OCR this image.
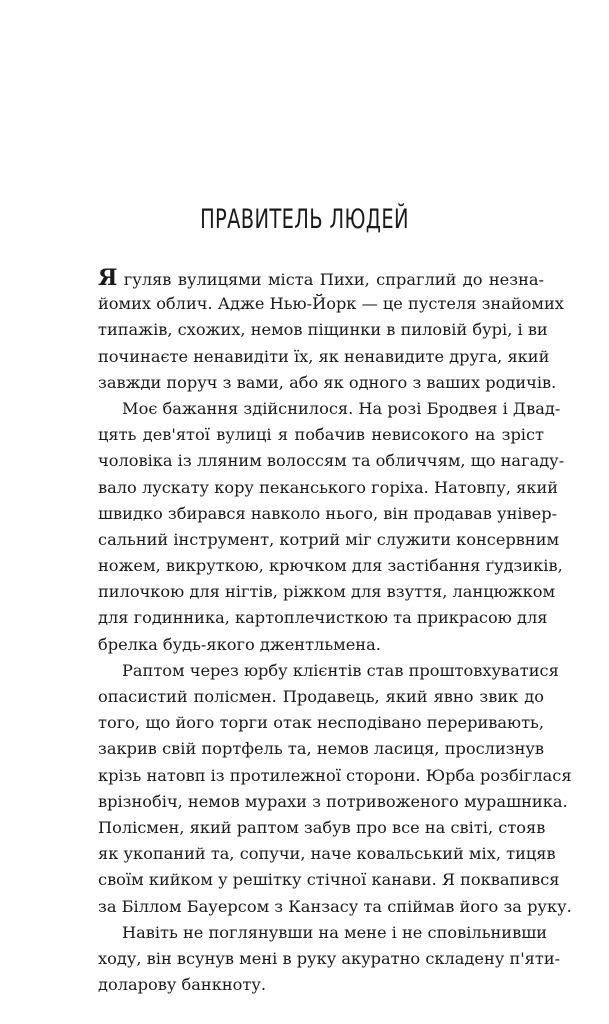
ПРАВИТЕЛЬ ЛЮДЕЙ
Я гуляв вулицями міста Пихи, спраглий до незна-
йомих облич. Адже Нью-Йорк — це пустеля знайомих
типажів, схожих, немов піщинки в пиловій бурі, і ви
починаєте ненавидіти їх, як ненавидите друга, який
завжди поруч з вами, або як одного з ваших родичів.
Моє бажання здійснилося. На розі Бродвея і Двад-
цять дев'ятої вулиці я побачив невисокого на зріст
чоловіка із лляним волоссям та обличчям, що нагаду-
вало лускату кору пеканського горіха. Натовпу, який
швидко збирався навколо нього, він продавав універ-
сальний інструмент, котрий міг служити консервним
ножем, викруткою, крючком для застібання ґудзиків,
пилочкою для нігтів, ріжком для взуття, ланцюжком
для годинника, картоплечисткою та прикрасою для
брелка будь-якого джентльмена.
Раптом через юрбу клієнтів став проштовхуватися
опасистий полісмен. Продавець, який явно звик до
того, що його торги отак несподівано переривають,
закрив свій портфель та, немов ласиця, прослизнув
крізь натовп із протилежної сторони. Юрба розбіглася
врізнобіч, немов мурахи з потривоженого мурашника.
Полісмен, який раптом забув про все на світі, стояв
як укопаний та, сопучи, наче ковальський міх, тицяв
своїм кийком у решітку стічної канави. Я поквапився
за Біллом Бауерсом з Канзасу та спіймав його за руку.
Навіть не поглянувши на мене і не сповільнивши
ходу, він всунув мені в руку акуратно складену п'яти-
доларову банкноту.
